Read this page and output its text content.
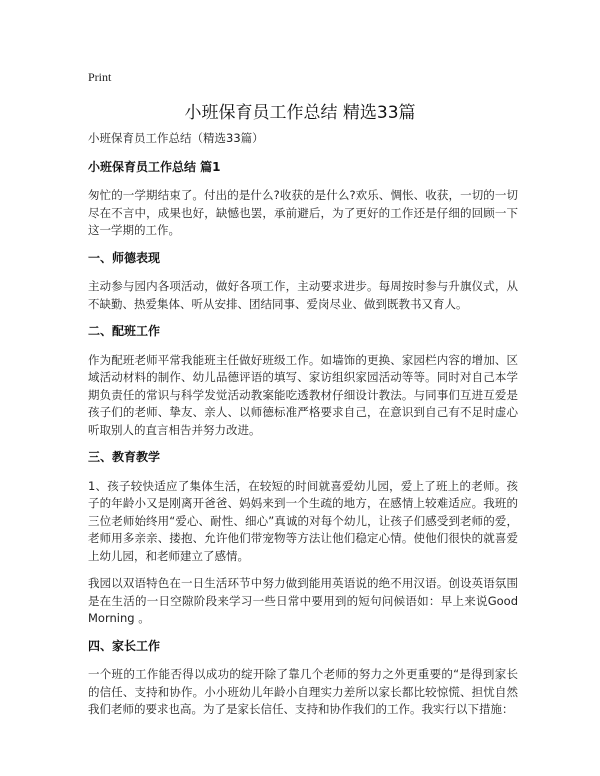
Print
小班保育员工作总结 精选33篇

小班保育员工作总结（精选33篇）

小班保育员工作总结 篇1

匆忙的一学期结束了。付出的是什么?收获的是什么?欢乐、惆怅、收获，一切的一切尽在不言中，成果也好，缺憾也罢，承前避后，为了更好的工作还是仔细的回顾一下这一学期的工作。

一、师德表现

主动参与园内各项活动，做好各项工作，主动要求进步。每周按时参与升旗仪式，从不缺勤、热爱集体、听从安排、团结同事、爱岗尽业、做到既教书又育人。

二、配班工作

作为配班老师平常我能班主任做好班级工作。如墙饰的更换、家园栏内容的增加、区域活动材料的制作、幼儿品德评语的填写、家访组织家园活动等等。同时对自己本学期负责任的常识与科学发觉活动教案能吃透教材仔细设计教法。与同事们互进互爱是孩子们的老师、挚友、亲人、以师德标准严格要求自己，在意识到自己有不足时虚心听取别人的直言相告并努力改进。

三、教育教学

1、孩子较快适应了集体生活，在较短的时间就喜爱幼儿园，爱上了班上的老师。孩子的年龄小又是刚离开爸爸、妈妈来到一个生疏的地方，在感情上较难适应。我班的三位老师始终用“爱心、耐性、细心”真诚的对每个幼儿，让孩子们感受到老师的爱，老师用多亲亲、搂抱、允许他们带宠物等方法让他们稳定心情。使他们很快的就喜爱上幼儿园，和老师建立了感情。

我园以双语特色在一日生活环节中努力做到能用英语说的绝不用汉语。创设英语氛围是在生活的一日空隙阶段来学习一些日常中要用到的短句问候语如：早上来说GoodMorning 。

四、家长工作

一个班的工作能否得以成功的绽开除了靠几个老师的努力之外更重要的“是得到家长的信任、支持和协作。小小班幼儿年龄小自理实力差所以家长都比较惊慌、担忧自然我们老师的要求也高。为了是家长信任、支持和协作我们的工作。我实行以下措施：
